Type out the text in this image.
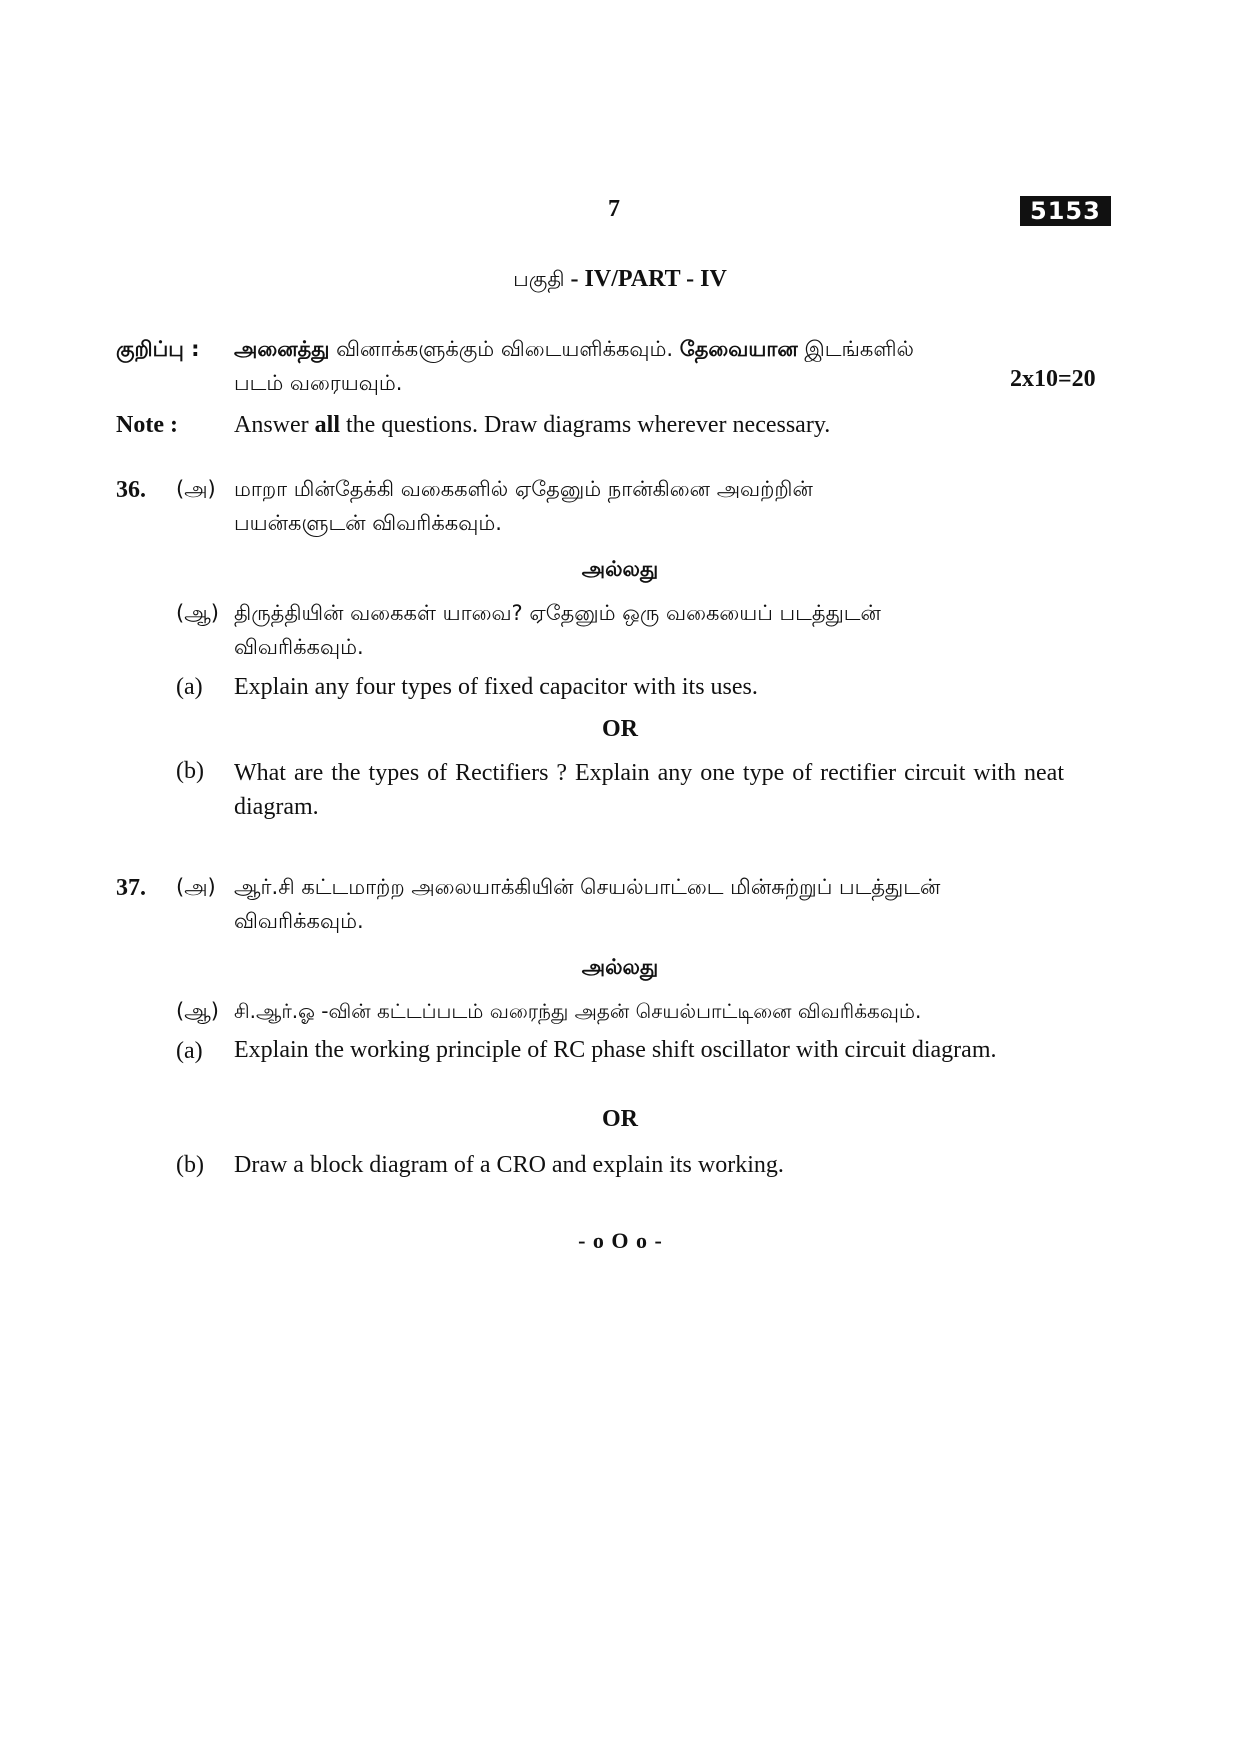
7	5153
பகுதி - IV/PART - IV
குறிப்பு : அனைத்து வினாக்களுக்கும் விடையளிக்கவும். தேவையான இடங்களில்
படம் வரையவும்.	2x10=20
Note : Answer all the questions. Draw diagrams wherever necessary.
36. (அ) மாறா மின்தேக்கி வகைகளில் ஏதேனும் நான்கினை அவற்றின்
பயன்களுடன் விவரிக்கவும்.
அல்லது
(ஆ) திருத்தியின் வகைகள் யாவை? ஏதேனும் ஒரு வகையைப் படத்துடன்
விவரிக்கவும்.
(a) Explain any four types of fixed capacitor with its uses.
OR
(b) What are the types of Rectifiers ? Explain any one type of rectifier circuit with neat diagram.
37. (அ) ஆர்.சி கட்டமாற்ற அலையாக்கியின் செயல்பாட்டை மின்சுற்றுப் படத்துடன்
விவரிக்கவும்.
அல்லது
(ஆ) சி.ஆர்.ஓ -வின் கட்டப்படம் வரைந்து அதன் செயல்பாட்டினை விவரிக்கவும்.
(a) Explain the working principle of RC phase shift oscillator with circuit diagram.
OR
(b) Draw a block diagram of a CRO and explain its working.
- o O o -
